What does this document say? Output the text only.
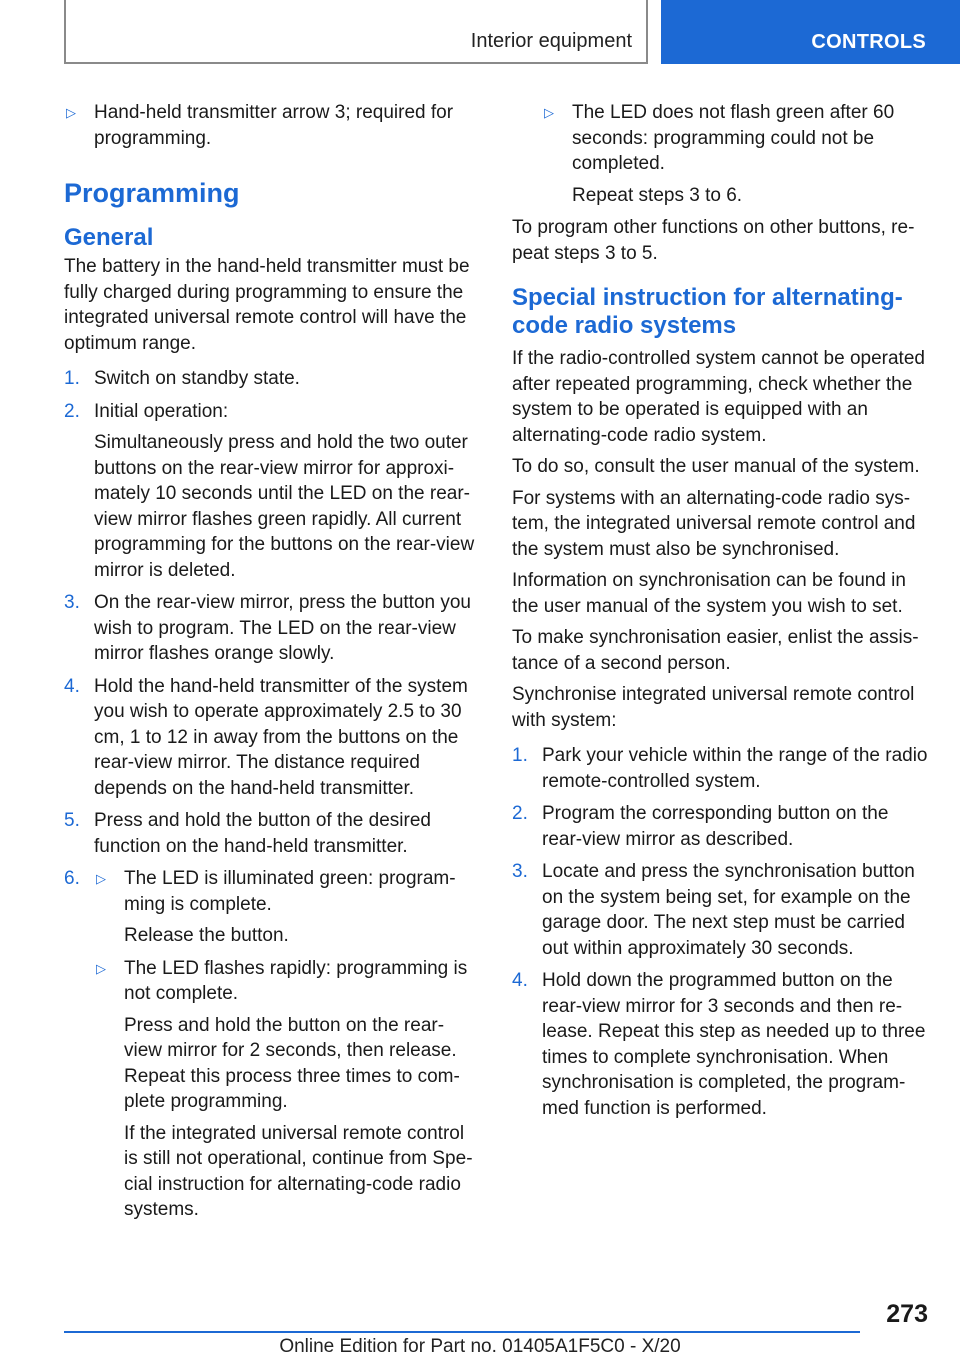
Interior equipment	CONTROLS
▷ Hand-held transmitter arrow 3; required for programming.
Programming
General

The battery in the hand-held transmitter must be fully charged during programming to ensure the integrated universal remote control will have the optimum range.

1. Switch on standby state.
2. Initial operation:

Simultaneously press and hold the two outer buttons on the rear-view mirror for approximately 10 seconds until the LED on the rear-view mirror flashes green rapidly. All current programming for the buttons on the rear-view mirror is deleted.

3. On the rear-view mirror, press the button you wish to program. The LED on the rear-view mirror flashes orange slowly.
4. Hold the hand-held transmitter of the system you wish to operate approximately 2.5 to 30 cm, 1 to 12 in away from the buttons on the rear-view mirror. The distance required depends on the hand-held transmitter.
5. Press and hold the button of the desired function on the hand-held transmitter.
6.	▷ The LED is illuminated green: programming is complete.

Release the button.

▷ The LED flashes rapidly: programming is not complete.

Press and hold the button on the rear-view mirror for 2 seconds, then release. Repeat this process three times to complete programming.

If the integrated universal remote control is still not operational, continue from Special instruction for alternating-code radio systems.

▷ The LED does not flash green after 60 seconds: programming could not be completed.

Repeat steps 3 to 6.

To program other functions on other buttons, repeat steps 3 to 5.

Special instruction for alternating-code radio systems

If the radio-controlled system cannot be operated after repeated programming, check whether the system to be operated is equipped with an alternating-code radio system.

To do so, consult the user manual of the system.

For systems with an alternating-code radio system, the integrated universal remote control and the system must also be synchronised.

Information on synchronisation can be found in the user manual of the system you wish to set.

To make synchronisation easier, enlist the assistance of a second person.

Synchronise integrated universal remote control with system:

1. Park your vehicle within the range of the radio remote-controlled system.
2. Program the corresponding button on the rear-view mirror as described.
3. Locate and press the synchronisation button on the system being set, for example on the garage door. The next step must be carried out within approximately 30 seconds.
4. Hold down the programmed button on the rear-view mirror for 3 seconds and then release. Repeat this step as needed up to three times to complete synchronisation. When synchronisation is completed, the programmed function is performed.
273
Online Edition for Part no. 01405A1F5C0 - X/20
